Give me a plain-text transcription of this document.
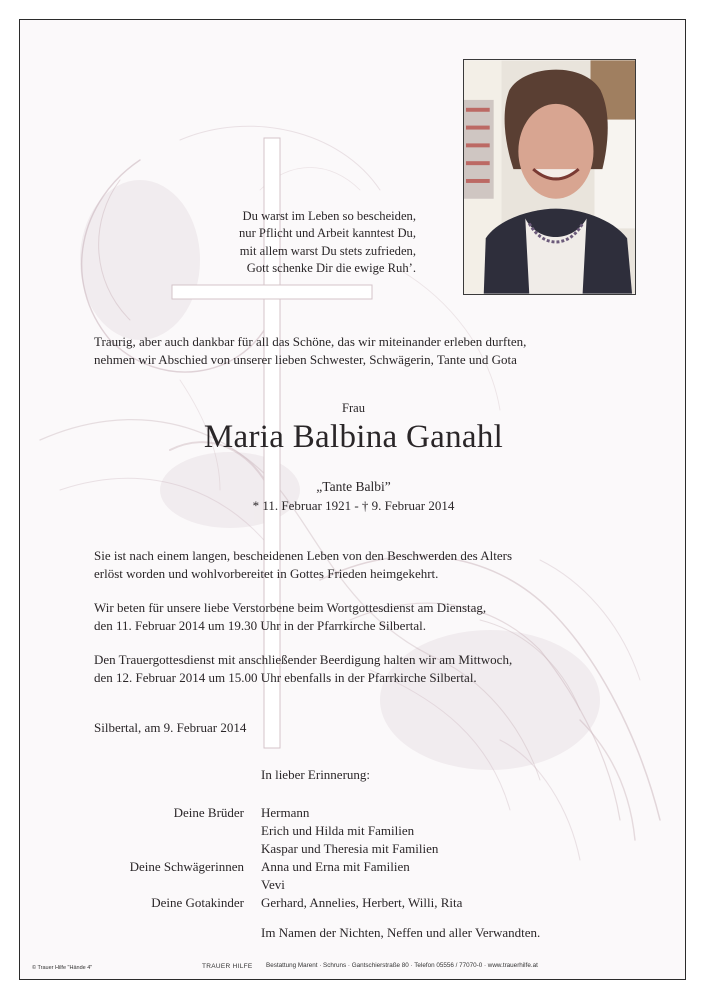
Du warst im Leben so bescheiden,
nur Pflicht und Arbeit kanntest Du,
mit allem warst Du stets zufrieden,
Gott schenke Dir die ewige Ruh’.
Traurig, aber auch dankbar für all das Schöne, das wir miteinander erleben durften,
nehmen wir Abschied von unserer lieben Schwester, Schwägerin, Tante und Gota
Frau
Maria Balbina Ganahl
„Tante Balbi”
* 11. Februar 1921 - † 9. Februar 2014
Sie ist nach einem langen, bescheidenen Leben von den Beschwerden des Alters
erlöst worden und wohlvorbereitet in Gottes Frieden heimgekehrt.
Wir beten für unsere liebe Verstorbene beim Wortgottesdienst am Dienstag,
den 11. Februar 2014 um 19.30 Uhr in der Pfarrkirche Silbertal.
Den Trauergottesdienst mit anschließender Beerdigung halten wir am Mittwoch,
den 12. Februar 2014 um 15.00 Uhr ebenfalls in der Pfarrkirche Silbertal.
Silbertal, am 9. Februar 2014
In lieber Erinnerung:
Deine Brüder Hermann
Erich und Hilda mit Familien
Kaspar und Theresia mit Familien
Deine Schwägerinnen Anna und Erna mit Familien
Vevi
Deine Gotakinder Gerhard, Annelies, Herbert, Willi, Rita
Im Namen der Nichten, Neffen und aller Verwandten.
© Trauer Hilfe "Hände 4"	TRAUER HILFE Bestattung Marent · Schruns · Gantschierstraße 80 · Telefon 05556 / 77070-0 · www.trauerhilfe.at
